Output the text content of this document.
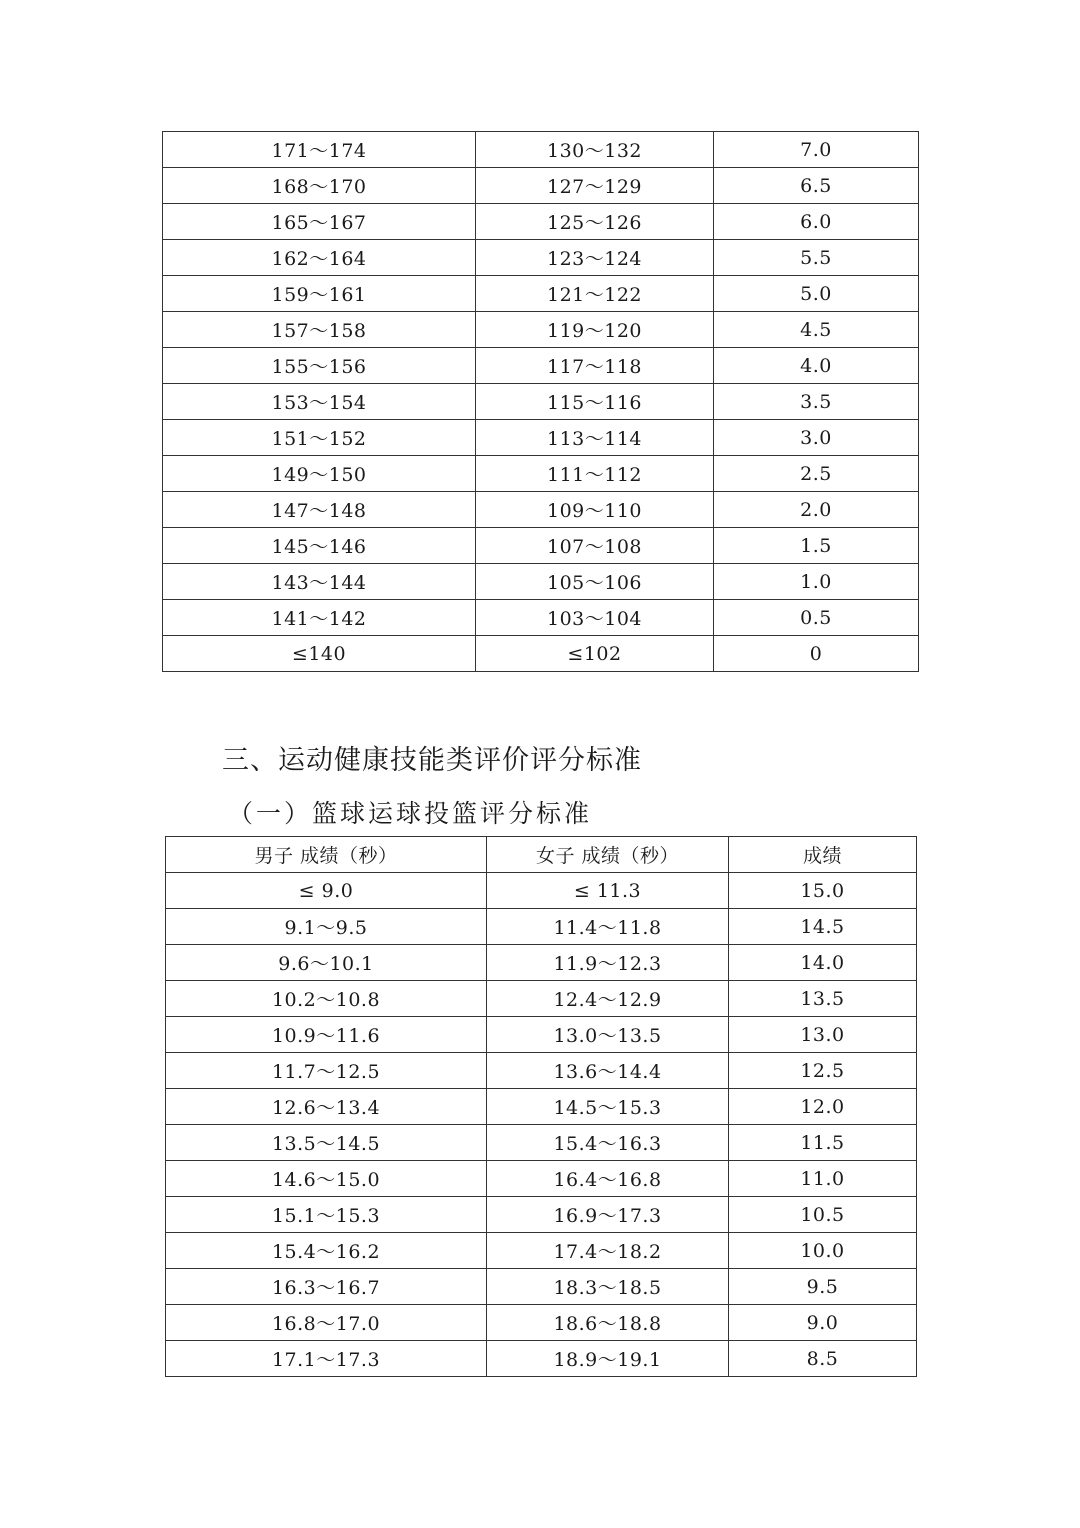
171～174	130～132	7.0
168～170	127～129	6.5
165～167	125～126	6.0
162～164	123～124	5.5
159～161	121～122	5.0
157～158	119～120	4.5
155～156	117～118	4.0
153～154	115～116	3.5
151～152	113～114	3.0
149～150	111～112	2.5
147～148	109～110	2.0
145～146	107～108	1.5
143～144	105～106	1.0
141～142	103～104	0.5
≤140	≤102	0
三、运动健康技能类评价评分标准
（一）篮球运球投篮评分标准
男子 成绩（秒）	女子 成绩（秒）	成绩
≤ 9.0	≤ 11.3	15.0
9.1～9.5	11.4～11.8	14.5
9.6～10.1	11.9～12.3	14.0
10.2～10.8	12.4～12.9	13.5
10.9～11.6	13.0～13.5	13.0
11.7～12.5	13.6～14.4	12.5
12.6～13.4	14.5～15.3	12.0
13.5～14.5	15.4～16.3	11.5
14.6～15.0	16.4～16.8	11.0
15.1～15.3	16.9～17.3	10.5
15.4～16.2	17.4～18.2	10.0
16.3～16.7	18.3～18.5	9.5
16.8～17.0	18.6～18.8	9.0
17.1～17.3	18.9～19.1	8.5
